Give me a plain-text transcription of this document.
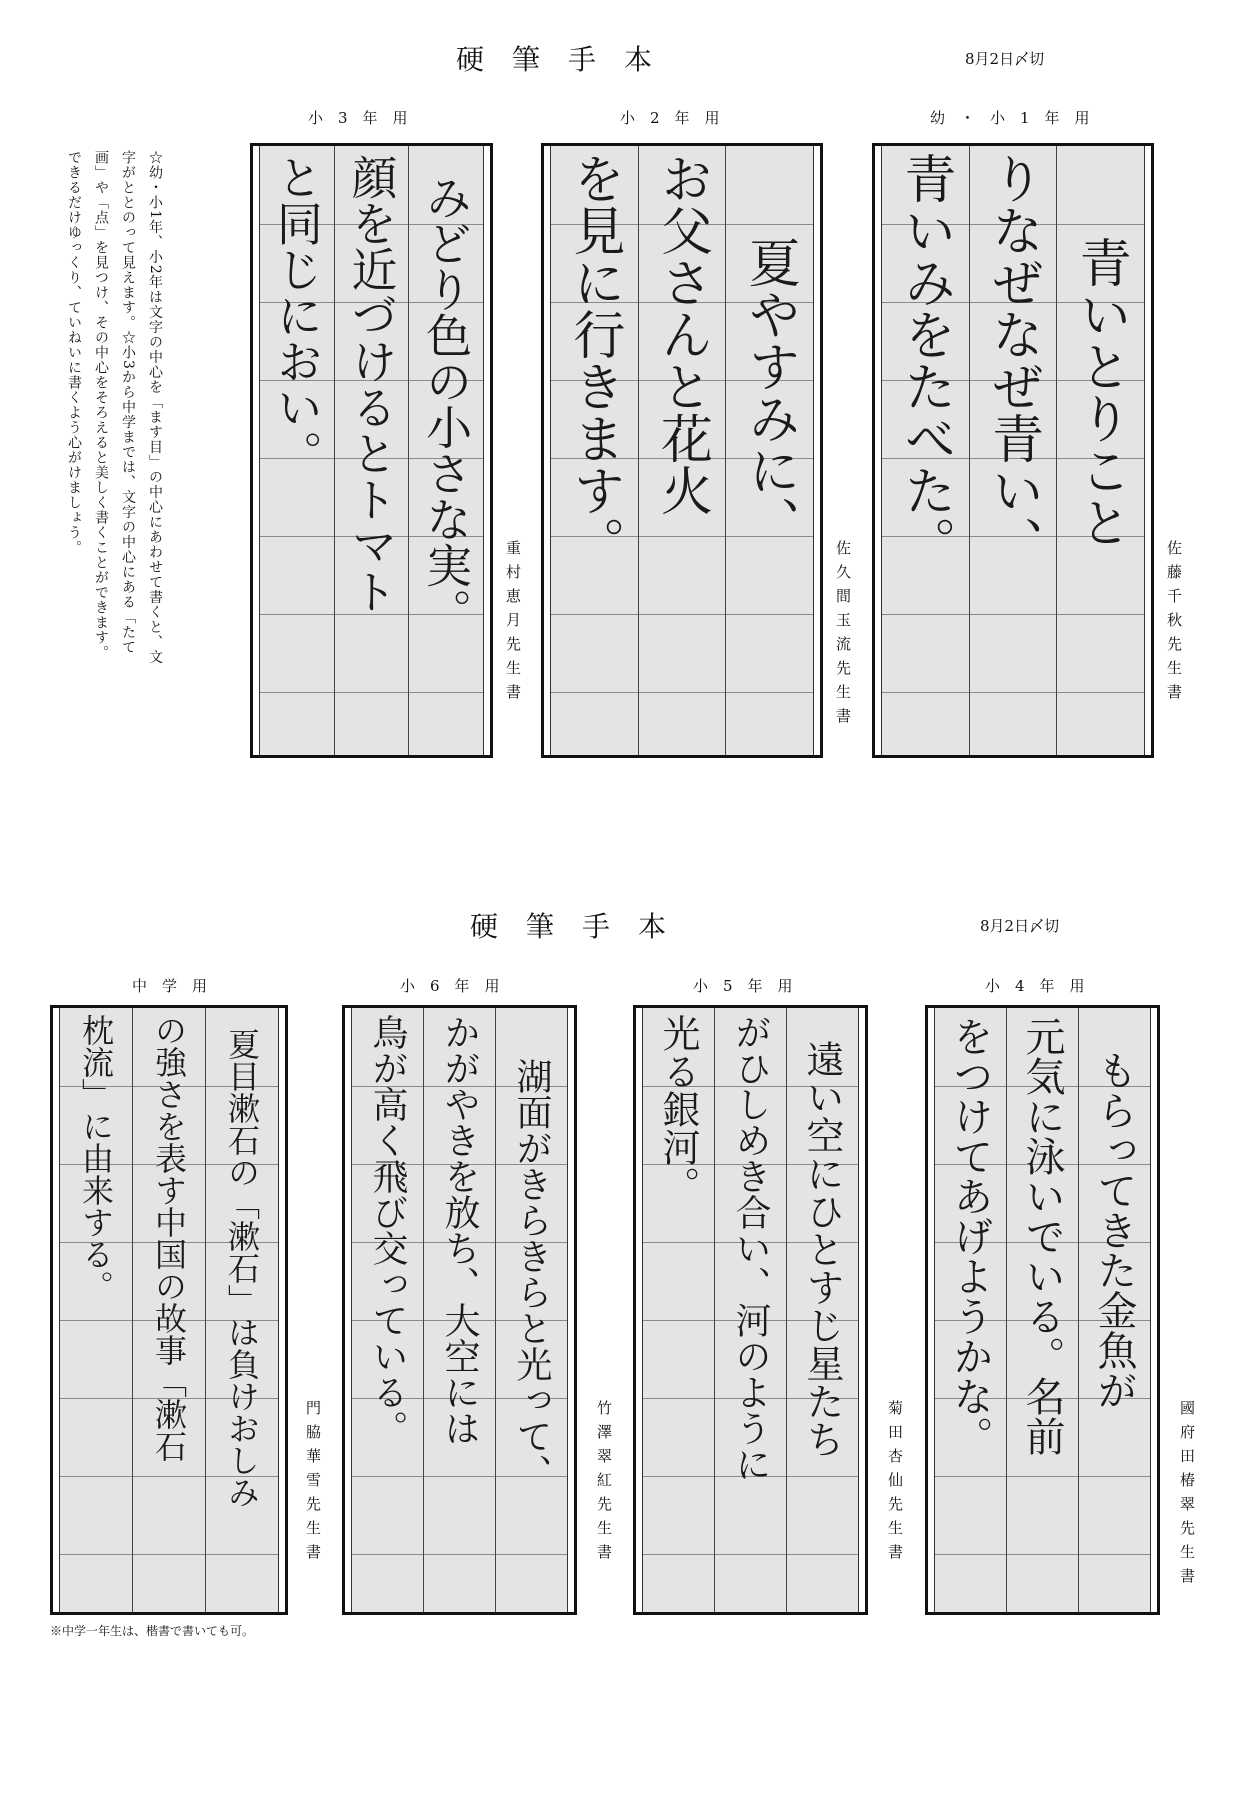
硬筆手本	8月2日〆切
☆幼・小1年、小2年は文字の中心を「ます目」の中心にあわせて書くと、文字がととのって見えます。☆小3から中学までは、文字の中心にある「たて画」や「点」を見つけ、その中心をそろえると美しく書くことができます。できるだけゆっくり、ていねいに書くよう心がけましょう。
幼・小1年用
青いとりこと
りなぜなぜ青い、
青いみをたべた。
佐藤千秋先生書
小2年用
夏やすみに、
お父さんと花火
を見に行きます。
佐久間玉流先生書
小3年用
みどり色の小さな実。
顔を近づけるとトマト
と同じにおい。
重村恵月先生書
硬筆手本	8月2日〆切
小4年用
もらってきた金魚が
元気に泳いでいる。名前
をつけてあげようかな。
國府田椿翠先生書
小5年用
遠い空にひとすじ星たち
がひしめき合い、河のように
光る銀河。
菊田杏仙先生書
小6年用
湖面がきらきらと光って、
かがやきを放ち、大空には
鳥が高く飛び交っている。
竹澤翠紅先生書
中学用
夏目漱石の「漱石」は負けおしみ
の強さを表す中国の故事「漱石
枕流」に由来する。
門脇華雪先生書
※中学一年生は、楷書で書いても可。
